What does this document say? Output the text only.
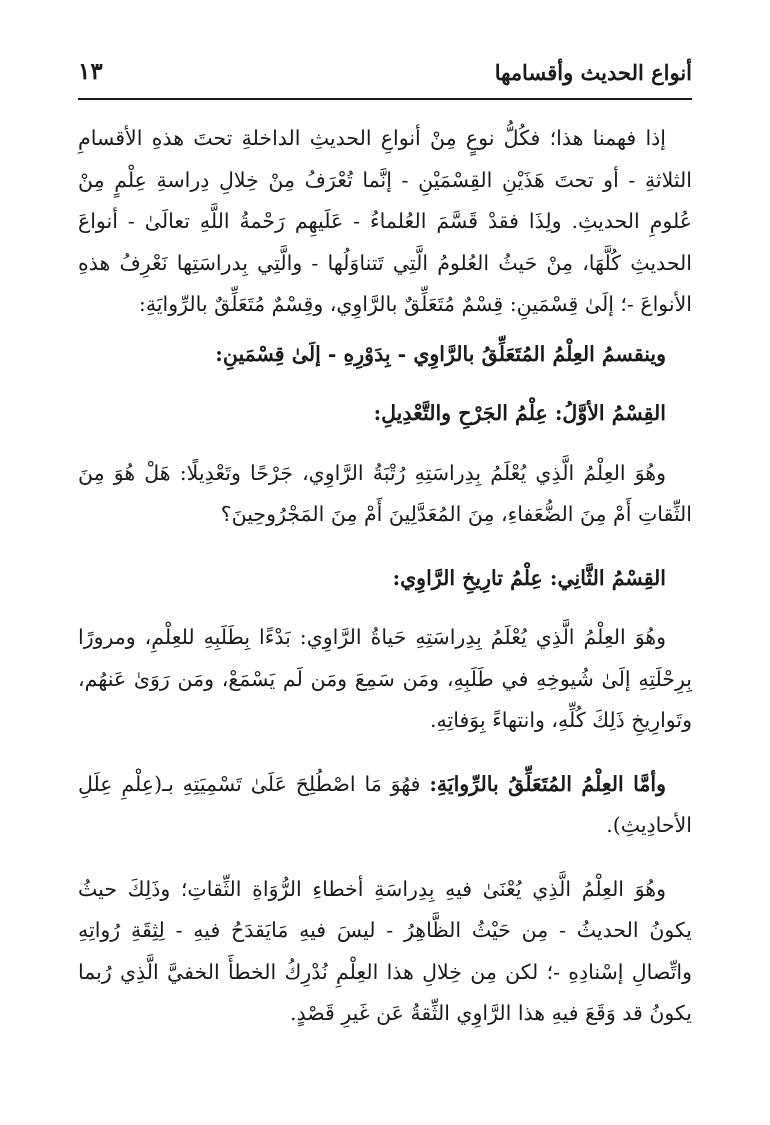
أنواع الحديث وأقسامها
١٣

إذا فهمنا هذا؛ فكُلُّ نوعٍ مِنْ أنواعِ الحديثِ الداخلةِ تحتَ هذهِ الأقسامِ الثلاثةِ - أو تحتَ هَذَيْنِ القِسْمَيْنِ - إنَّما تُعْرَفُ مِنْ خِلالِ دِراسةِ عِلْمٍ مِنْ عُلومِ الحديثِ. ولِذَا فقدْ قَسَّمَ العُلماءُ - عَلَيهِم رَحْمةُ اللَّهِ تعالَىٰ - أنواعَ الحديثِ كُلَّهَا، مِنْ حَيثُ العُلومُ الَّتِي تَتناوَلُها - والَّتِي بِدراسَتِها نَعْرِفُ هذهِ الأنواعَ -؛ إلَىٰ قِسْمَينِ: قِسْمٌ مُتَعَلِّقٌ بالرَّاوِي، وقِسْمٌ مُتَعَلِّقٌ بالرِّوايَةِ:

وينقسمُ العِلْمُ المُتَعَلِّقُ بالرَّاوِي - بِدَوْرِهِ - إلَىٰ قِسْمَينِ:

القِسْمُ الأوَّلُ: عِلْمُ الجَرْحِ والتَّعْدِيلِ:

وهُوَ العِلْمُ الَّذِي يُعْلَمُ بِدِراسَتِهِ رُتْبَةُ الرَّاوِي، جَرْحًا وتَعْدِيلًا: هَلْ هُوَ مِنَ الثِّقاتِ أَمْ مِنَ الضُّعَفاءِ، مِنَ المُعَدَّلِينَ أَمْ مِنَ المَجْرُوحِينَ؟

القِسْمُ الثَّانِي: عِلْمُ تارِيخِ الرَّاوِي:

وهُوَ العِلْمُ الَّذِي يُعْلَمُ بِدِراسَتِهِ حَياةُ الرَّاوِي: بَدْءًا بِطَلَبِهِ للعِلْمِ، ومرورًا بِرِحْلَتِهِ إلَىٰ شُيوخِهِ في طَلَبِهِ، ومَن سَمِعَ ومَن لَم يَسْمَعْ، ومَن رَوَىٰ عَنهُم، وتَوارِيخِ ذَلِكَ كُلِّهِ، وانتهاءً بِوَفاتِهِ.

وأمَّا العِلْمُ المُتَعَلِّقُ بالرِّوايَةِ: فهُوَ مَا اصْطُلِحَ عَلَىٰ تَسْمِيَتِهِ بـ(عِلْمِ عِلَلِ الأحادِيثِ).

وهُوَ العِلْمُ الَّذِي يُعْنَىٰ فيهِ بِدِراسَةِ أخطاءِ الرُّوَاةِ الثِّقاتِ؛ وذَلِكَ حيثُ يكونُ الحديثُ - مِن حَيْثُ الظَّاهِرُ - ليسَ فيهِ مَايَقدَحُ فيهِ - لِثِقَةِ رُواتِهِ واتِّصالِ إسْنادِهِ -؛ لكن مِن خِلالِ هذا العِلْمِ نُدْرِكُ الخطأَ الخفيَّ الَّذِي رُبما يكونُ قد وَقَعَ فيهِ هذا الرَّاوِي الثِّقةُ عَن غَيرِ قَصْدٍ.
